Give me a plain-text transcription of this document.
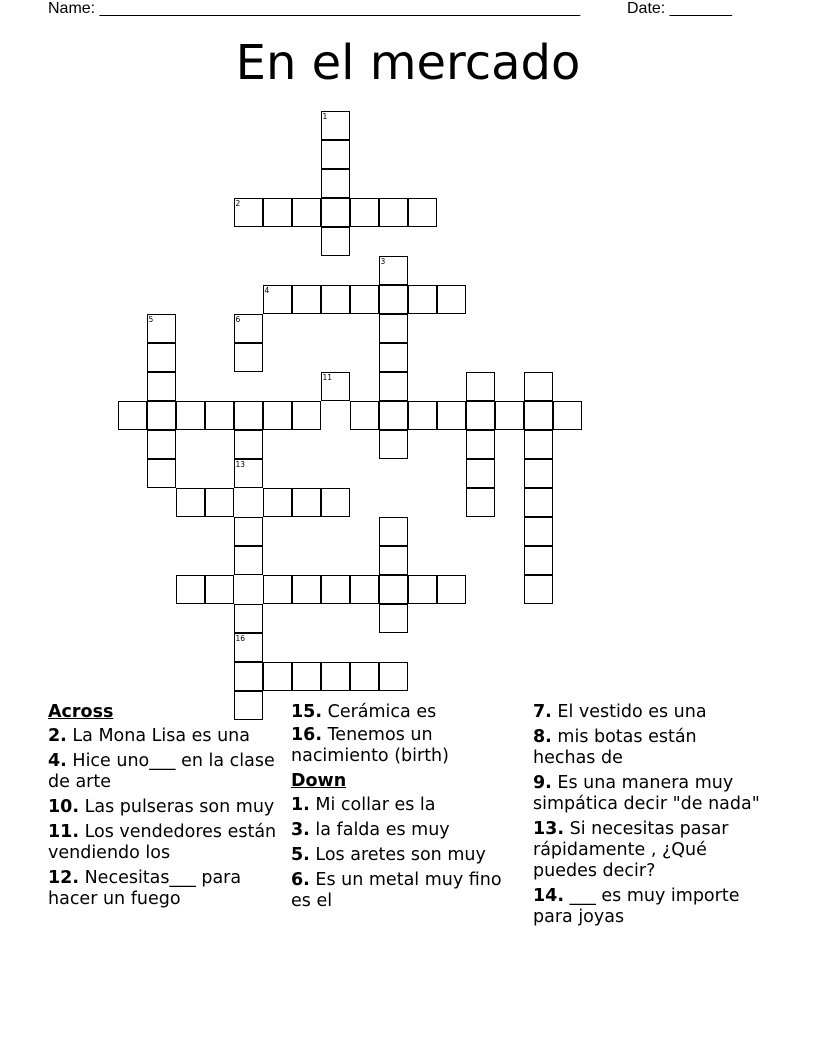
Name: ______________________________________________________	Date: _______
En el mercado
1
2
3
4
5	6
13
11
16
Across
2. La Mona Lisa es una
4. Hice uno___ en la clase de arte
10. Las pulseras son muy
11. Los vendedores están vendiendo los
12. Necesitas___ para hacer un fuego
15. Cerámica es
16. Tenemos un nacimiento (birth)
Down
1. Mi collar es la
3. la falda es muy
5. Los aretes son muy
6. Es un metal muy fino es el
7. El vestido es una
8. mis botas están hechas de
9. Es una manera muy simpática decir "de nada"
13. Si necesitas pasar rápidamente , ¿Qué puedes decir?
14. ___ es muy importe para joyas
